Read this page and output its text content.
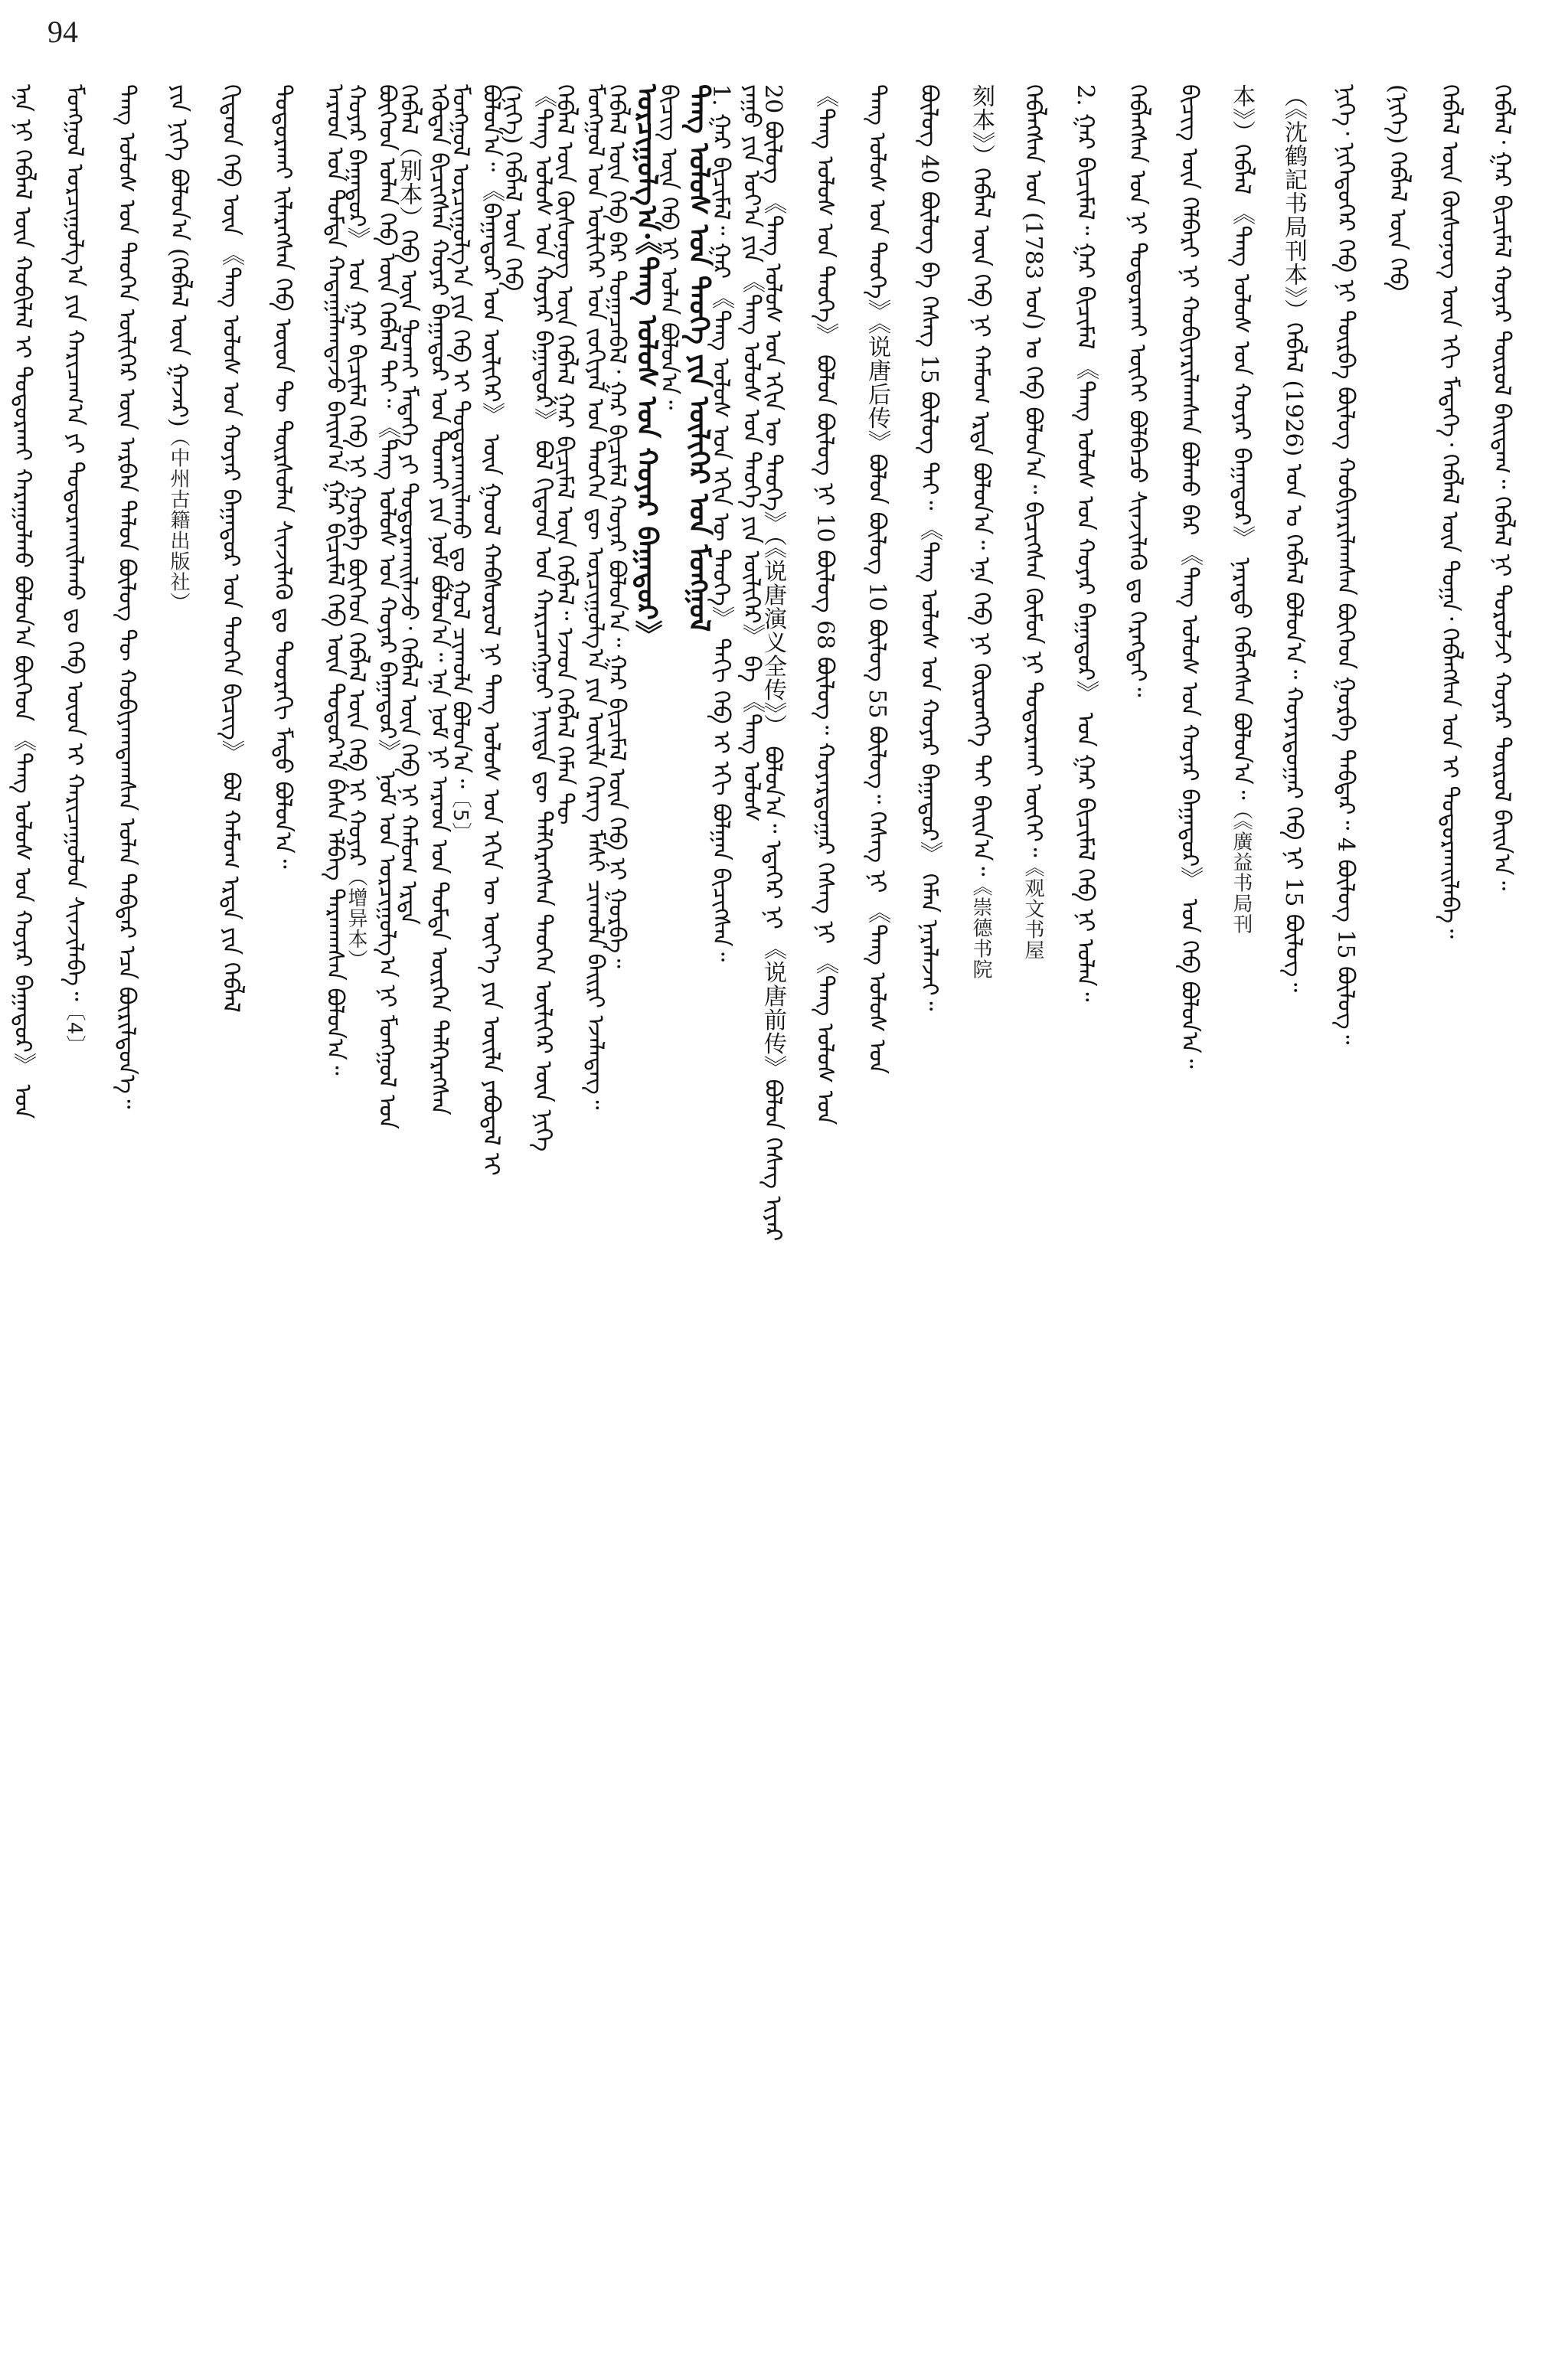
94
ᠶᠠᠭᠤ ᠶᠢᠨ ᠤᠶ᠎ᠠ ᠶᠢᠨ 《ᠲᠠᠩ ᠤᠯᠤᠰ ᠤᠨ ᠲᠡᠦᠬᠡ ᠶᠢᠨ ᠦᠯᠢᠭᠡᠷ》 ᠪᠠ 《ᠲᠠᠩ ᠤᠯᠤᠰ
ᠲᠠᠩ ᠤᠯᠤᠰ ᠤᠨ ᠲᠡᠦᠬᠡ ᠶᠢᠨ ᠦᠯᠢᠭᠡᠷ ᠤᠨ ᠮᠣᠩᠭᠣᠯ
ᠣᠷᠴᠢᠭᠤᠯᠭ᠎ᠠ·《ᠲᠠᠩ ᠤᠯᠤᠰ ᠤᠨ ᠬᠣᠶᠠᠷ ᠪᠠᠭᠠᠲᠤᠷ》
ᠮᠣᠩᠭᠣᠯ ᠤᠨ ᠦᠯᠢᠭᠡᠷ ᠤᠨ ᠵᠣᠬᠢᠶᠠᠯ ᠤᠨ ᠲᠡᠦᠬᠡᠨ ᠳᠦ ᠣᠷᠴᠢᠭᠤᠯᠭ᠎ᠠ ᠶᠢᠨ ᠦᠢᠯᠡ ᠬᠡᠷᠡᠭ ᠮᠠᠰᠢ ᠴᠢᠬᠤᠯᠠ ᠪᠠᠢᠷᠢ ᠡᠵᠡᠯᠡᠳᠡᠭ᠃
《ᠲᠠᠩ ᠤᠯᠤᠰ ᠤᠨ ᠬᠣᠶᠠᠷ ᠪᠠᠭᠠᠲᠤᠷ》 ᠪᠣᠯ ᠬᠢᠲᠠᠳ ᠤᠨ ᠬᠠᠷᠢᠴᠠᠩᠭᠤᠢ ᠨᠡᠢᠲᠡ ᠳᠦ ᠳᠡᠯᠭᠡᠷᠡᠭᠰᠡᠨ ᠲᠡᠦᠬᠡᠨ ᠦᠯᠢᠭᠡᠷ ᠦᠨ ᠨᠢᠭᠡ
ᠪᠣᠯᠤᠨ᠎ᠠ᠃ 《ᠪᠠᠭᠠᠲᠤᠷ ᠤᠨ ᠦᠯᠢᠭᠡᠷ》 ᠦᠨ ᠭᠣᠣᠯ ᠬᠠᠪᠰᠤᠷᠤᠯ ᠨᠢ ᠲᠠᠩ ᠤᠯᠤᠰ ᠤᠨ ᠡᠬᠢᠨ ᠦ ᠦᠶ᠎ᠡ ᠶᠢᠨ ᠦᠢᠯᠡ ᠶᠠᠪᠤᠳᠠᠯ ᠢ
ᠡᠭᠦᠳᠡᠨ ᠪᠢᠴᠢᠭᠰᠡᠨ ᠬᠣᠶᠠᠷ ᠪᠠᠭᠠᠲᠤᠷ ᠤᠨ ᠲᠤᠬᠠᠢ ᠶᠢᠨ ᠨᠣᠮ ᠪᠣᠯᠤᠨ᠎ᠠ᠃ ᠡᠨᠡ ᠨᠣᠮ ᠨᠢ ᠠᠷᠠᠳ ᠤᠨ ᠳᠤᠮᠳᠠ ᠥᠷᠭᠡᠨ ᠳᠡᠯᠭᠡᠷᠡᠭᠰᠡᠨ
ᠪᠥᠭᠡᠳ ᠣᠯᠠᠨ ᠬᠡᠪ ᠦᠨ ᠬᠡᠪᠯᠡᠯ ᠲᠠᠢ᠃ 《ᠲᠠᠩ ᠤᠯᠤᠰ ᠤᠨ ᠬᠣᠶᠠᠷ ᠪᠠᠭᠠᠲᠤᠷ》 ᠨᠣᠮ ᠤᠨ ᠣᠷᠴᠢᠭᠤᠯᠭ᠎ᠠ ᠨᠢ ᠮᠣᠩᠭᠣᠯ ᠤᠨ
ᠠᠷᠠᠳ ᠤᠨ ᠳᠤᠮᠳᠠ ᠬᠠᠳᠠᠭᠠᠯᠠᠭᠳᠠᠵᠤ ᠪᠠᠢᠭ᠎ᠠ ᠭᠠᠷ ᠪᠢᠴᠢᠮᠡᠯ ᠬᠡᠪ ᠦᠨ ᠳᠣᠲᠣᠷ᠎ᠠ ᠪᠠᠰᠠ ᠡᠯᠪᠡᠭ ᠲᠠᠷᠬᠠᠭᠰᠠᠨ ᠪᠣᠯᠤᠨ᠎ᠠ᠃
ᠲᠣᠳᠣᠷᠬᠠᠢ ᠢᠯᠡᠷᠡᠭᠰᠡᠨ ᠬᠡᠪ ᠦᠳ ᠲᠦ ᠳᠦᠷᠰᠦᠯᠡᠨ ᠰᠢᠨᠵᠢᠯᠡᠬᠦ ᠳᠤ ᠳᠣᠣᠷᠠᠬᠢ ᠮᠡᠲᠦ ᠪᠣᠯᠤᠨ᠎ᠠ᠃
ᠬᠢᠲᠠᠳ ᠬᠡᠪ ᠦᠨ 《ᠲᠠᠩ ᠤᠯᠤᠰ ᠤᠨ ᠬᠣᠶᠠᠷ ᠪᠠᠭᠠᠲᠤᠷ ᠤᠨ ᠲᠡᠦᠬᠡᠨ ᠪᠢᠴᠢᠭ》 ᠪᠣᠯ ᠬᠠᠮᠤᠭ ᠡᠷᠲᠡ ᠶᠢᠨ ᠬᠡᠪᠯᠡᠯ
ᠶᠢᠨ ᠨᠢᠭᠡ ᠪᠣᠯᠤᠨ᠎ᠠ (ᠬᠡᠪᠯᠡᠯ ᠦᠨ ᠭᠠᠵᠠᠷ)（中州古籍出版社）
ᠲᠠᠩ ᠤᠯᠤᠰ ᠤᠨ ᠲᠡᠦᠬᠡᠨ ᠦᠯᠢᠭᠡᠷ ᠦᠨ ᠠᠷᠪᠠᠨ ᠳᠠᠯᠤᠨ ᠪᠦᠯᠦᠭ ᠲᠦ ᠬᠤᠪᠢᠶᠠᠭᠳᠠᠭᠰᠠᠨ ᠣᠯᠠᠨ ᠳᠡᠪᠲᠡᠷ ᠡᠴᠡ ᠪᠦᠷᠢᠯᠳᠦᠨ᠎ᠡ᠃
ᠮᠣᠩᠭᠣᠯ ᠣᠷᠴᠢᠭᠤᠯᠭ᠎ᠠ ᠶᠢᠨ ᠬᠠᠷᠢᠴᠠᠭ᠎ᠠ ᠶᠢ ᠲᠣᠳᠣᠷᠬᠠᠢᠯᠠᠬᠤ ᠳᠤ ᠬᠡᠪ ᠦᠳ ᠢ ᠬᠠᠷᠢᠴᠠᠭᠤᠯᠤᠨ ᠰᠢᠨᠵᠢᠯᠡᠪᠡ᠃〔4〕
ᠡᠨᠡ ᠨᠢ ᠬᠡᠪᠯᠡᠯ ᠦᠨ ᠬᠤᠪᠢᠯᠠᠯ ᠢ ᠲᠣᠳᠣᠷᠬᠠᠢ ᠬᠠᠷᠠᠭᠤᠯᠬᠤ ᠪᠣᠯᠤᠨ᠎ᠠ ᠪᠥᠭᠡᠳ 《ᠲᠠᠩ ᠤᠯᠤᠰ ᠤᠨ ᠬᠣᠶᠠᠷ ᠪᠠᠭᠠᠲᠤᠷ》 ᠤᠨ	ᠬᠡᠪᠯᠡᠯ᠂ ᠭᠠᠷ ᠪᠢᠴᠢᠮᠡᠯ ᠬᠣᠶᠠᠷ ᠲᠥᠷᠥᠯ ᠪᠠᠢᠳᠠᠭ᠃ ᠬᠡᠪᠯᠡᠯ ᠨᠢ ᠳᠣᠷᠤᠯᠵᠢ ᠬᠣᠶᠠᠷ ᠲᠥᠷᠥᠯ ᠪᠠᠢᠨ᠎ᠠ᠃
ᠬᠡᠪᠯᠡᠯ ᠦᠨ ᠬᠦᠰᠦᠨᠦᠭ ᠦᠨ ᠡᠬᠢ ᠮᠡᠳᠡᠭᠡ᠂ ᠬᠡᠪᠯᠡᠯ ᠦᠨ ᠲᠣᠭᠠ᠂ ᠬᠡᠪᠯᠡᠭᠰᠡᠨ ᠣᠨ ᠢ ᠲᠣᠳᠣᠷᠬᠠᠢᠯᠠᠪᠠ᠃
(ᠨᠢᠭᠡ) ᠬᠡᠪᠯᠡᠯ ᠦᠨ ᠬᠡᠪ
ᠨᠢᠭᠡ᠂ ᠨᠢᠭᠡᠳᠦᠭᠡᠷ ᠬᠡᠪ ᠨᠢ ᠳᠥᠷᠪᠡ ᠪᠦᠯᠦᠭ ᠬᠣᠪᠢᠶᠠᠷᠢᠯᠠᠭᠰᠠᠨ ᠪᠥᠭᠡᠳ ᠭᠤᠷᠪᠠ ᠳᠡᠪᠲᠡᠷ᠃ 4 ᠪᠦᠯᠦᠭ 15 ᠪᠦᠯᠦᠭ᠃
（《沈鹤記书局刊本》）ᠬᠡᠪᠯᠡᠯ (1926) ᠣᠨ ᠤ ᠬᠡᠪᠯᠡᠯ ᠪᠣᠯᠤᠨ᠎ᠠ᠃ ᠬᠣᠶᠠᠷᠳᠤᠭᠠᠷ ᠬᠡᠪ ᠨᠢ 15 ᠪᠦᠯᠦᠭ᠃
本》）ᠬᠡᠪᠯᠡᠯ 《ᠲᠠᠩ ᠤᠯᠤᠰ ᠤᠨ ᠬᠣᠶᠠᠷ ᠪᠠᠭᠠᠲᠤᠷ》 ᠨᠡᠷᠡᠲᠦ ᠬᠡᠪᠯᠡᠭᠰᠡᠨ ᠪᠣᠯᠤᠨ᠎ᠠ᠃（《廣益书局刊
ᠪᠢᠴᠢᠭ ᠦᠨ ᠬᠡᠯᠪᠡᠷᠢ ᠨᠢ ᠬᠤᠪᠢᠶᠠᠷᠢᠯᠠᠭᠰᠠᠨ ᠪᠣᠯᠬᠤ ᠪᠠᠷ 《ᠲᠠᠩ ᠤᠯᠤᠰ ᠤᠨ ᠬᠣᠶᠠᠷ ᠪᠠᠭᠠᠲᠤᠷ》 ᠤᠨ ᠬᠡᠪ ᠪᠣᠯᠤᠨ᠎ᠠ᠃
ᠬᠡᠪᠯᠡᠭᠰᠡᠨ ᠣᠨ ᠨᠢ ᠲᠣᠳᠣᠷᠬᠠᠢ ᠦᠭᠡᠢ ᠪᠣᠯᠪᠠᠴᠤ ᠰᠢᠨᠵᠢᠯᠡᠬᠦ ᠳᠤ ᠬᠡᠷᠡᠭᠲᠡᠢ᠃
2. ᠭᠠᠷ ᠪᠢᠴᠢᠮᠡᠯ᠃ ᠭᠠᠷ ᠪᠢᠴᠢᠮᠡᠯ 《ᠲᠠᠩ ᠤᠯᠤᠰ ᠤᠨ ᠬᠣᠶᠠᠷ ᠪᠠᠭᠠᠲᠤᠷ》 ᠤᠨ ᠭᠠᠷ ᠪᠢᠴᠢᠮᠡᠯ ᠬᠡᠪ ᠨᠢ ᠣᠯᠠᠨ᠃
ᠬᠡᠪᠯᠡᠭᠰᠡᠨ ᠣᠨ (1783 ᠣᠨ) ᠤ ᠬᠡᠪ ᠪᠣᠯᠤᠨ᠎ᠠ᠃ ᠪᠢᠴᠢᠭᠰᠡᠨ ᠬᠥᠮᠦᠨ ᠨᠢ ᠲᠣᠳᠣᠷᠬᠠᠢ ᠦᠭᠡᠢ᠃《观文书屋
刻本》）ᠬᠡᠪᠯᠡᠯ ᠦᠨ ᠬᠡᠪ ᠨᠢ ᠬᠠᠮᠤᠭ ᠡᠷᠲᠡ ᠪᠣᠯᠤᠨ᠎ᠠ᠃ ᠡᠨᠡ ᠬᠡᠪ ᠨᠢ ᠬᠥᠷᠥᠩᠭᠡ ᠲᠡᠢ ᠪᠠᠢᠨ᠎ᠠ᠃《崇德书院
ᠪᠦᠯᠦᠭ 40 ᠪᠦᠯᠦᠭ ᠪᠠ ᠬᠡᠰᠡᠭ 15 ᠪᠦᠯᠦᠭ ᠲᠠᠢ᠃ 《ᠲᠠᠩ ᠤᠯᠤᠰ ᠤᠨ ᠬᠣᠶᠠᠷ ᠪᠠᠭᠠᠲᠤᠷ》 ᠬᠡᠮᠡᠨ ᠨᠡᠷᠡᠯᠡᠵᠡᠢ᠃
ᠲᠠᠩ ᠤᠯᠤᠰ ᠤᠨ ᠲᠡᠦᠬᠡ》《说唐后传》ᠪᠣᠯᠤᠨ ᠪᠦᠯᠦᠭ 10 ᠪᠦᠯᠦᠭ 55 ᠪᠦᠯᠦᠭ᠃ ᠬᠡᠰᠡᠭ ᠨᠢ 《ᠲᠠᠩ ᠤᠯᠤᠰ ᠤᠨ
《ᠲᠠᠩ ᠤᠯᠤᠰ ᠤᠨ ᠲᠡᠦᠬᠡ》 ᠪᠣᠯᠤᠨ ᠪᠦᠯᠦᠭ ᠨᠢ 10 ᠪᠦᠯᠦᠭ 68 ᠪᠦᠯᠦᠭ᠃ ᠬᠣᠶᠠᠷᠳᠤᠭᠠᠷ ᠬᠡᠰᠡᠭ ᠨᠢ 《ᠲᠠᠩ ᠤᠯᠤᠰ ᠤᠨ
20 ᠪᠦᠯᠦᠭ 《ᠲᠠᠩ ᠤᠯᠤᠰ ᠤᠨ ᠡᠬᠢᠨ ᠦ ᠲᠡᠦᠬᠡ》（《说唐演义全传》） ᠪᠣᠯᠤᠨ᠎ᠠ᠃ ᠡᠳᠡᠭᠡᠷ ᠨᠢ 《说唐前传》ᠪᠣᠯᠤᠨ ᠬᠡᠰᠡᠭ ᠢᠶᠡᠷ
1. ᠭᠠᠷ ᠪᠢᠴᠢᠮᠡᠯ᠃ ᠭᠠᠷ 《ᠲᠠᠩ ᠤᠯᠤᠰ ᠤᠨ ᠡᠬᠢᠨ ᠦ ᠲᠡᠦᠬᠡ》 ᠳᠠᠬᠢ ᠬᠡᠪ ᠢ ᠡᠬᠢ ᠪᠣᠯᠭᠠᠨ ᠪᠢᠴᠢᠭᠰᠡᠨ᠃
ᠪᠢᠴᠢᠭ ᠦᠨ ᠬᠡᠪ ᠨᠢ ᠣᠯᠠᠨ ᠪᠣᠯᠤᠨ᠎ᠠ᠃
ᠬᠡᠪᠯᠡᠯ ᠦᠨ ᠬᠡᠪ ᠪᠡᠷ ᠲᠣᠭᠠᠴᠠᠪᠠᠯ᠂ ᠭᠠᠷ ᠪᠢᠴᠢᠮᠡᠯ ᠬᠣᠶᠠᠷ ᠪᠣᠯᠤᠨ᠎ᠠ᠃ ᠭᠠᠷ ᠪᠢᠴᠢᠮᠡᠯ ᠦᠨ ᠬᠡᠪ ᠨᠢ ᠭᠤᠷᠪᠠ᠃
ᠬᠡᠪᠯᠡᠯ ᠦᠨ ᠬᠦᠰᠦᠨᠦᠭ ᠦᠨ ᠬᠡᠪᠯᠡᠯ ᠭᠠᠷ ᠪᠢᠴᠢᠮᠡᠯ ᠦᠨ ᠬᠡᠪᠯᠡᠯ᠃ ᠡᠵᠡᠳ ᠬᠡᠪᠯᠡᠯ ᠬᠡᠮᠡᠨ ᠲᠦ
(ᠨᠢᠭᠡ) ᠬᠡᠪᠯᠡᠯ ᠦᠨ ᠬᠡᠪ
ᠮᠣᠩᠭᠣᠯ ᠣᠷᠴᠢᠭᠤᠯᠭ᠎ᠠ ᠶᠢᠨ ᠬᠡᠪ ᠢ ᠲᠣᠳᠣᠷᠬᠠᠢᠯᠠᠬᠤ ᠳᠤ ᠭᠤᠯ ᠴᠢᠬᠤᠯᠠ ᠪᠣᠯᠤᠨ᠎ᠠ᠃〔5〕
ᠬᠡᠪᠯᠡᠯ（别本）ᠬᠡᠪ ᠦᠨ ᠲᠤᠬᠠᠢ ᠮᠡᠳᠡᠭᠡ ᠶᠢ ᠲᠣᠳᠣᠷᠬᠠᠢᠯᠠᠵᠤ᠂ ᠬᠡᠪᠯᠡᠯ ᠦᠨ ᠬᠡᠪ ᠨᠢ ᠬᠠᠮᠤᠭ ᠡᠷᠲᠡ
ᠬᠣᠶᠠᠷ ᠪᠠᠭᠠᠲᠤᠷ》 ᠤᠨ ᠭᠠᠷ ᠪᠢᠴᠢᠮᠡᠯ ᠬᠡᠪ ᠨᠢ ᠭᠤᠷᠪᠠ ᠪᠥᠭᠡᠳ ᠬᠡᠪᠯᠡᠯ ᠦᠨ ᠬᠡᠪ ᠨᠢ ᠬᠣᠶᠠᠷ（增异本）
